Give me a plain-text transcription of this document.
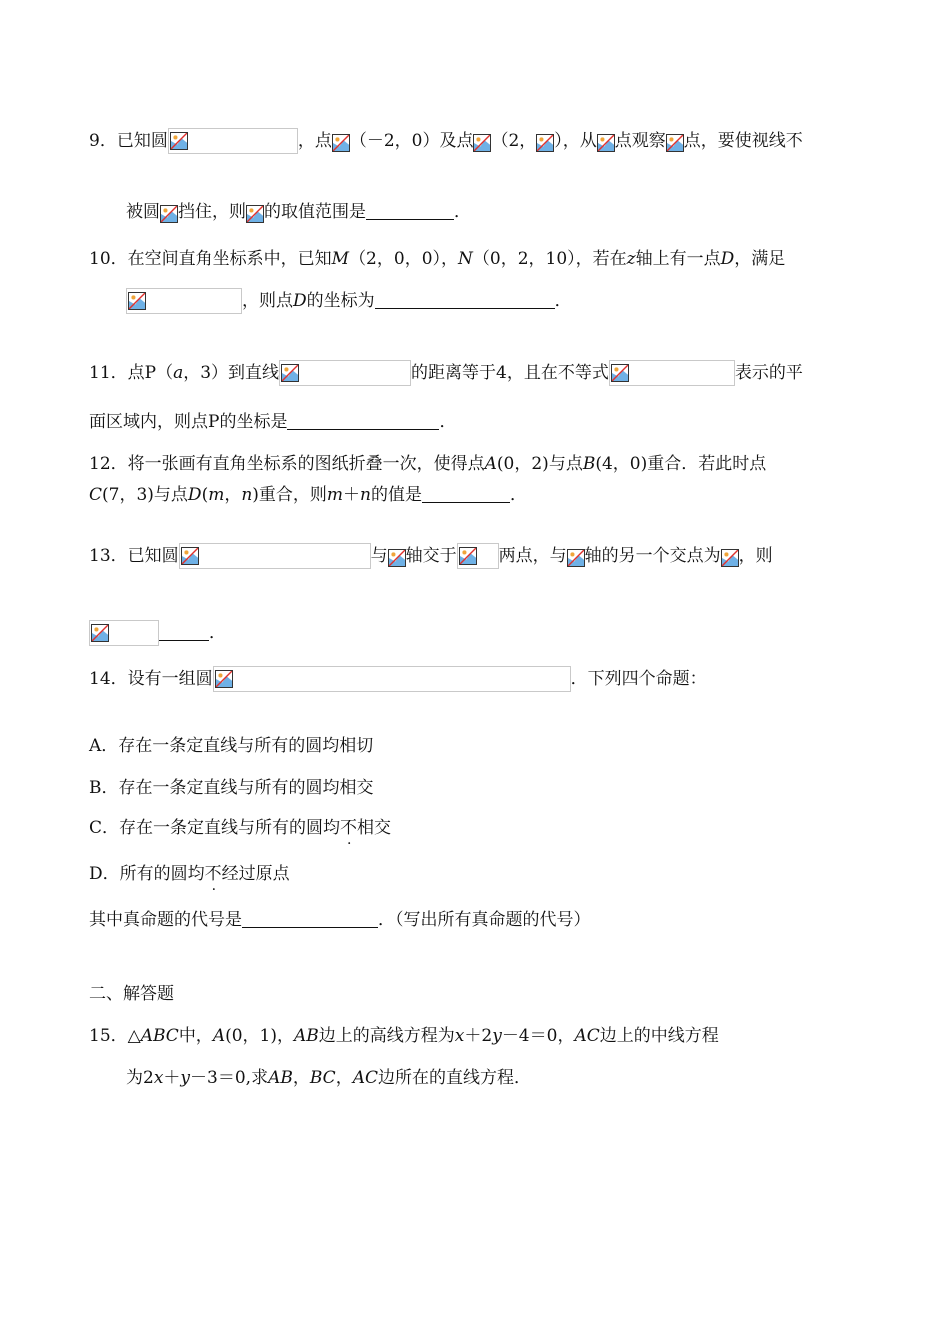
9．已知圆	，点 （－2，0）及点 （2， ），从 点观察 点，要使视线不
被圆 挡住，则 的取值范围是	．
10．在空间直角坐标系中，已知M（2，0，0），N（0，2，10），若在z轴上有一点D，满足
，则点D的坐标为	．
11．点P（a，3）到直线	的距离等于4，且在不等式	表示的平
面区域内，则点P的坐标是	．
12．将一张画有直角坐标系的图纸折叠一次，使得点A(0，2)与点B(4，0)重合．若此时点
C(7，3)与点D(m，n)重合，则m＋n的值是	．
13．已知圆	与 轴交于 两点，与 轴的另一个交点为 ，则
．
14．设有一组圆	．下列四个命题：
A．存在一条定直线与所有的圆均相切
B．存在一条定直线与所有的圆均相交
C．存在一条定直线与所有的圆均不相交
D．所有的圆均不经过原点
其中真命题的代号是	．（写出所有真命题的代号）
二、解答题
15．△ABC中，A(0，1)，AB边上的高线方程为x＋2y－4＝0，AC边上的中线方程
为2x＋y－3＝0,求AB，BC，AC边所在的直线方程．
